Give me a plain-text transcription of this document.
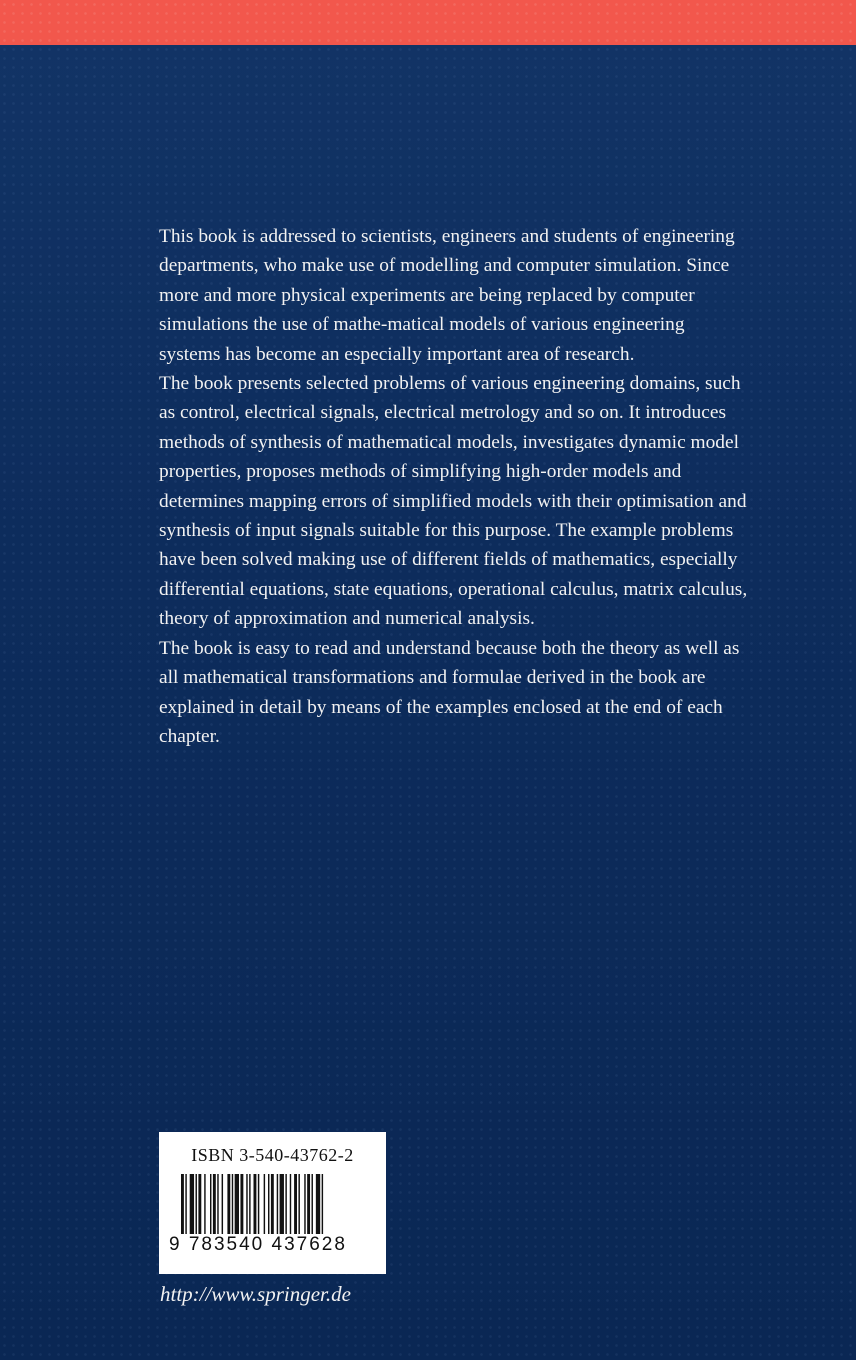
This book is addressed to scientists, engineers and students of engineering departments, who make use of modelling and computer simulation. Since more and more physical experiments are being replaced by computer simulations the use of mathe-matical models of various engineering systems has become an especially important area of research.

The book presents selected problems of various engineering domains, such as control, electrical signals, electrical metrology and so on. It introduces methods of synthesis of mathematical models, investigates dynamic model properties, proposes methods of simplifying high-order models and determines mapping errors of simplified models with their optimisation and synthesis of input signals suitable for this purpose. The example problems have been solved making use of different fields of mathematics, especially differential equations, state equations, operational calculus, matrix calculus, theory of approximation and numerical analysis.

The book is easy to read and understand because both the theory as well as all mathematical transformations and formulae derived in the book are explained in detail by means of the examples enclosed at the end of each chapter.

ISBN 3-540-43762-2
9 783540 437628
http://www.springer.de
